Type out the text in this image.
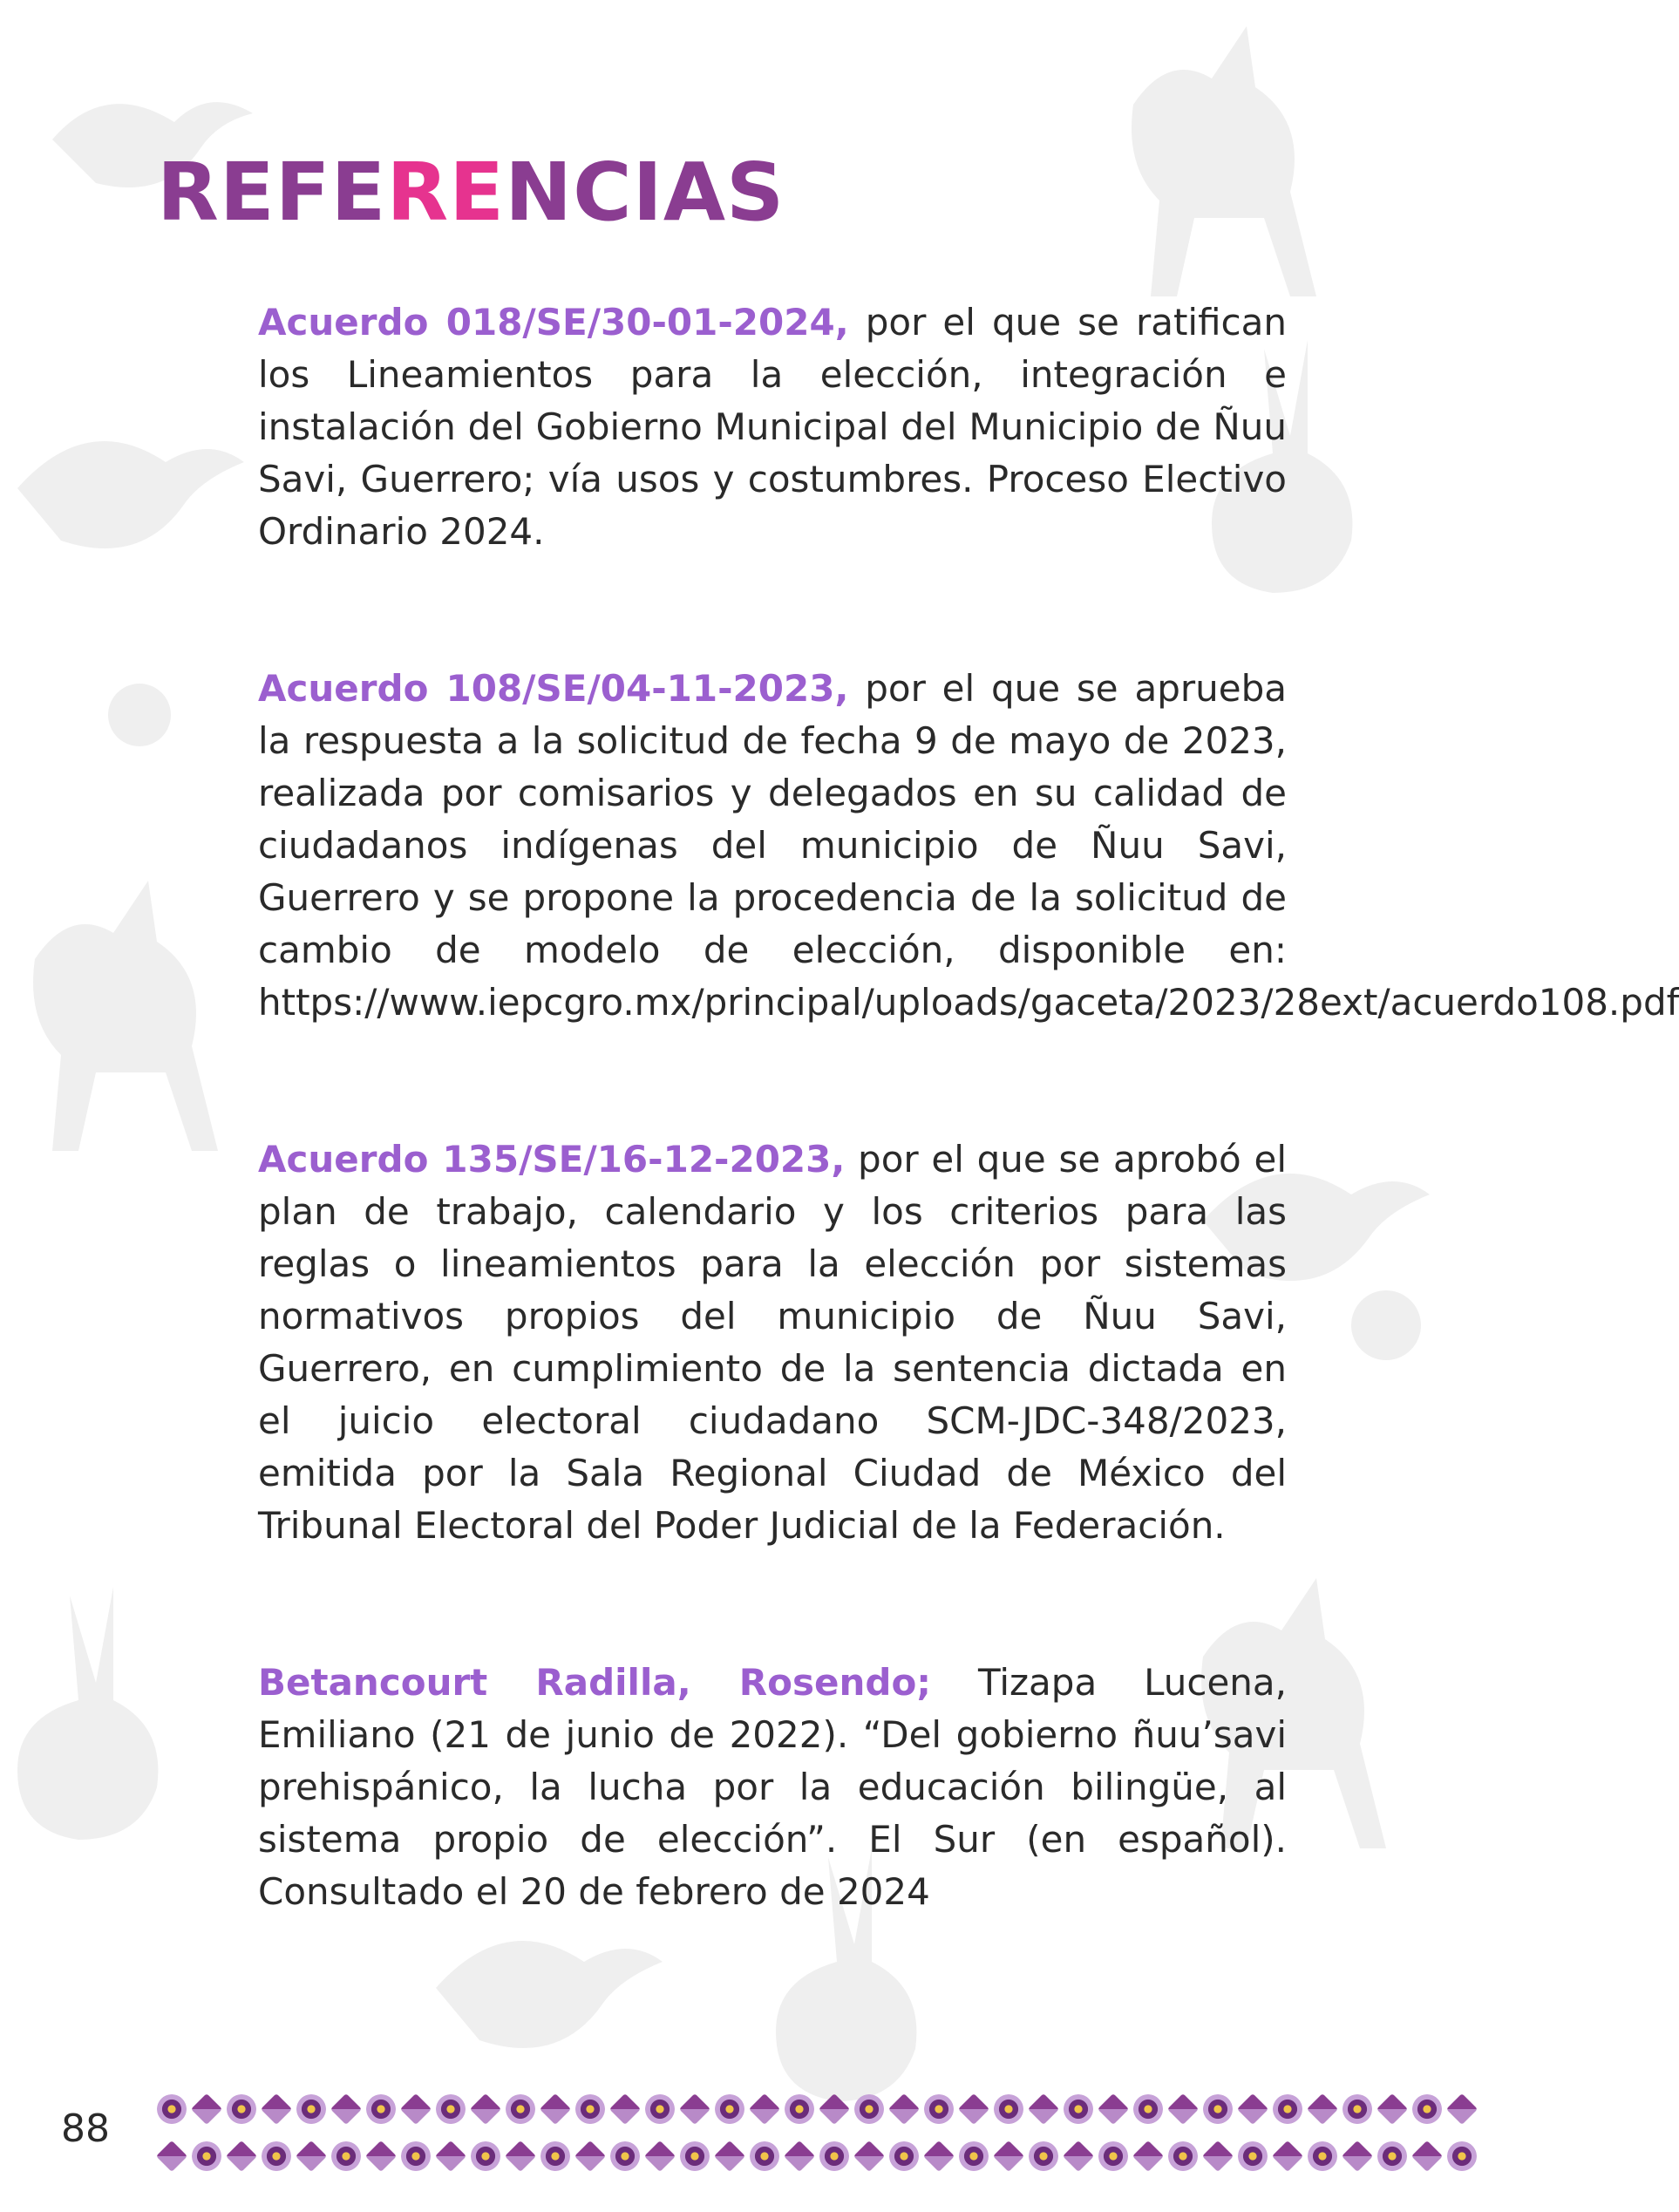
REFERENCIAS

Acuerdo 018/SE/30-01-2024, por el que se ratifican los Lineamientos para la elección, integración e instalación del Gobierno Municipal del Municipio de Ñuu Savi, Guerrero; vía usos y costumbres. Proceso Electivo Ordinario 2024.

Acuerdo 108/SE/04-11-2023, por el que se aprueba la respuesta a la solicitud de fecha 9 de mayo de 2023, realizada por comisarios y delegados en su calidad de ciudadanos indígenas del municipio de Ñuu Savi, Guerrero y se propone la procedencia de la solicitud de cambio de modelo de elección, disponible en: https://www.iepcgro.mx/principal/uploads/gaceta/2023/28ext/acuerdo108.pdf

Acuerdo 135/SE/16-12-2023, por el que se aprobó el plan de trabajo, calendario y los criterios para las reglas o lineamientos para la elección por sistemas normativos propios del municipio de Ñuu Savi, Guerrero, en cumplimiento de la sentencia dictada en el juicio electoral ciudadano SCM-JDC-348/2023, emitida por la Sala Regional Ciudad de México del Tribunal Electoral del Poder Judicial de la Federación.

Betancourt Radilla, Rosendo; Tizapa Lucena, Emiliano (21 de junio de 2022). “Del gobierno ñuu’savi prehispánico, la lucha por la educación bilingüe, al sistema propio de elección”. El Sur (en español). Consultado el 20 de febrero de 2024

88
